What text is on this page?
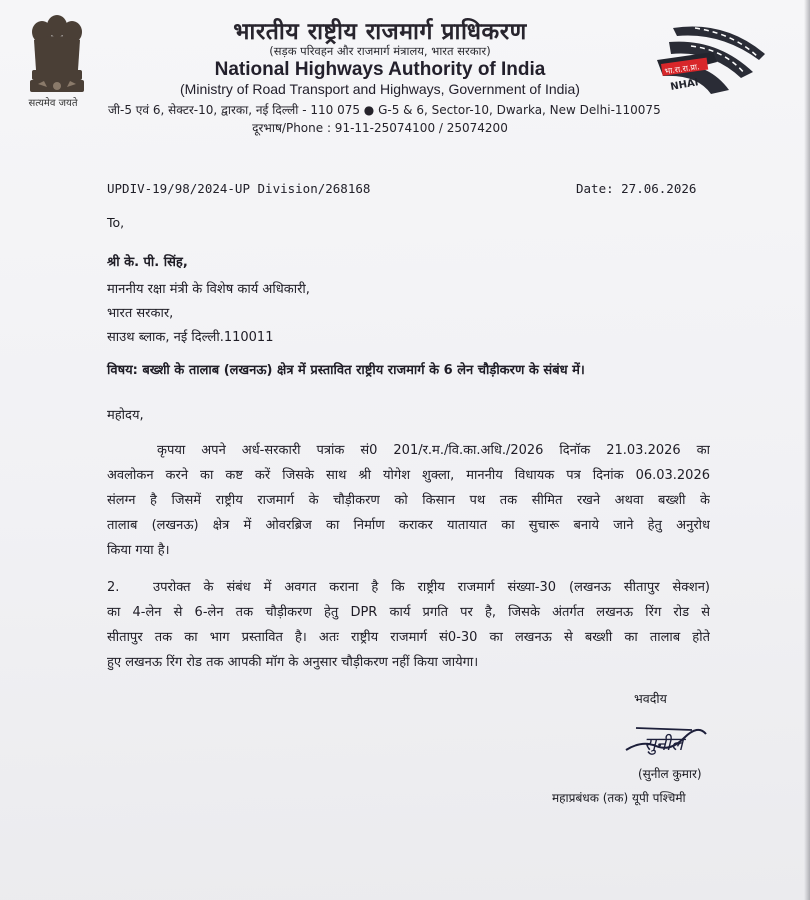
सत्यमेव जयते
भारतीय राष्ट्रीय राजमार्ग प्राधिकरण
(सड़क परिवहन और राजमार्ग मंत्रालय, भारत सरकार)
National Highways Authority of India
(Ministry of Road Transport and Highways, Government of India)
जी-5 एवं 6, सेक्टर-10, द्वारका, नई दिल्ली - 110 075 ● G-5 & 6, Sector-10, Dwarka, New Delhi-110075
दूरभाष/Phone : 91-11-25074100 / 25074200
भा.रा.रा.प्रा.
NHAI
UPDIV-19/98/2024-UP Division/268168	Date: 27.06.2026
To,
श्री के. पी. सिंह,
माननीय रक्षा मंत्री के विशेष कार्य अधिकारी,
भारत सरकार,
साउथ ब्लाक, नई दिल्ली.110011
विषय: बख्शी के तालाब (लखनऊ) क्षेत्र में प्रस्तावित राष्ट्रीय राजमार्ग के 6 लेन चौड़ीकरण के संबंध में।
महोदय,
कृपया अपने अर्ध-सरकारी पत्रांक सं0 201/र.म./वि.का.अधि./2026 दिनॉक 21.03.2026 का
अवलोकन करने का कष्ट करें जिसके साथ श्री योगेश शुक्ला, माननीय विधायक पत्र दिनांक 06.03.2026
संलग्न है जिसमें राष्ट्रीय राजमार्ग के चौड़ीकरण को किसान पथ तक सीमित रखने अथवा बख्शी के
तालाब (लखनऊ) क्षेत्र में ओवरब्रिज का निर्माण कराकर यातायात का सुचारू बनाये जाने हेतु अनुरोध
किया गया है।
2.	उपरोक्त के संबंध में अवगत कराना है कि राष्ट्रीय राजमार्ग संख्या-30 (लखनऊ सीतापुर सेक्शन)
का 4-लेन से 6-लेन तक चौड़ीकरण हेतु DPR कार्य प्रगति पर है, जिसके अंतर्गत लखनऊ रिंग रोड से
सीतापुर तक का भाग प्रस्तावित है। अतः राष्ट्रीय राजमार्ग सं0-30 का लखनऊ से बख्शी का तालाब होते
हुए लखनऊ रिंग रोड तक आपकी मॉग के अनुसार चौड़ीकरण नहीं किया जायेगा।
भवदीय
सुनील
(सुनील कुमार)
महाप्रबंधक (तक) यूपी पश्चिमी
